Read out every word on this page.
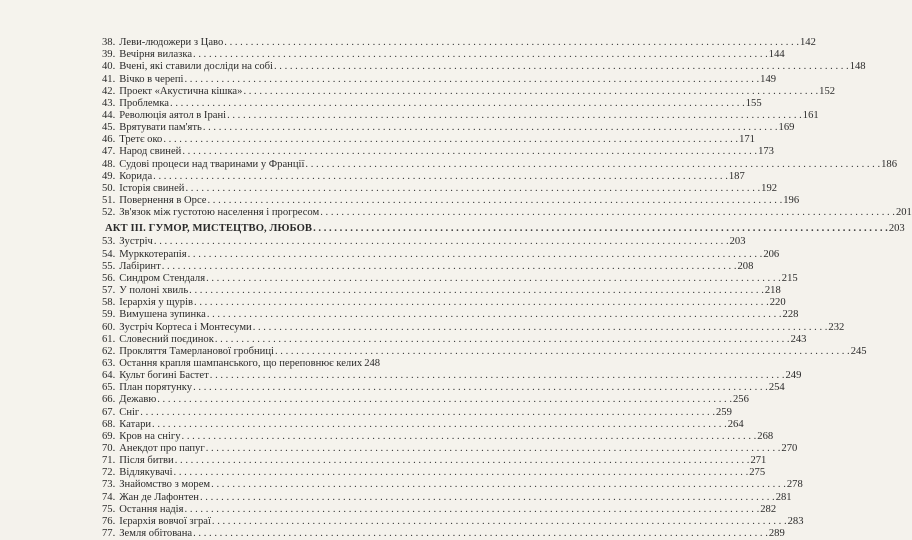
38. Леви-людожери з Цаво . . .	142
39. Вечірня вилазка . . .	144
40. Вчені, які ставили досліди на собі . . .	148
41. Вічко в черепі . . .	149
42. Проект «Акустична кішка» . . .	152
43. Проблемка . . .	155
44. Революція аятол в Ірані . . .	161
45. Врятувати пам'ять . . .	169
46. Третє око . . .	171
47. Народ свиней . . .	173
48. Судові процеси над тваринами у Франції . . .	186
49. Корида . . .	187
50. Історія свиней . . .	192
51. Повернення в Орсе . . .	196
52. Зв'язок між густотою населення і прогресом . . .	201
АКТ III. ГУМОР, МИСТЕЦТВО, ЛЮБОВ . . .	203
53. Зустріч . . .	203
54. Мурккотерапія . . .	206
55. Лабіринт . . .	208
56. Синдром Стендаля . . .	215
57. У полоні хвиль . . .	218
58. Ієрархія у щурів . . .	220
59. Вимушена зупинка . . .	228
60. Зустріч Кортеса і Монтесуми . . .	232
61. Словесний поєдинок . . .	243
62. Прокляття Тамерланової гробниці . . .	245
63. Остання крапля шампанського, що переповнює келих 248
64. Культ богині Бастет . . .	249
65. План порятунку . . .	254
66. Дежавю . . .	256
67. Сніг . . .	259
68. Катари . . .	264
69. Кров на снігу . . .	268
70. Анекдот про папуг . . .	270
71. Після битви . . .	271
72. Відлякувачі . . .	275
73. Знайомство з морем . . .	278
74. Жан де Лафонтен . . .	281
75. Остання надія . . .	282
76. Ієрархія вовчої зграї . . .	283
77. Земля обітована . . .	289
